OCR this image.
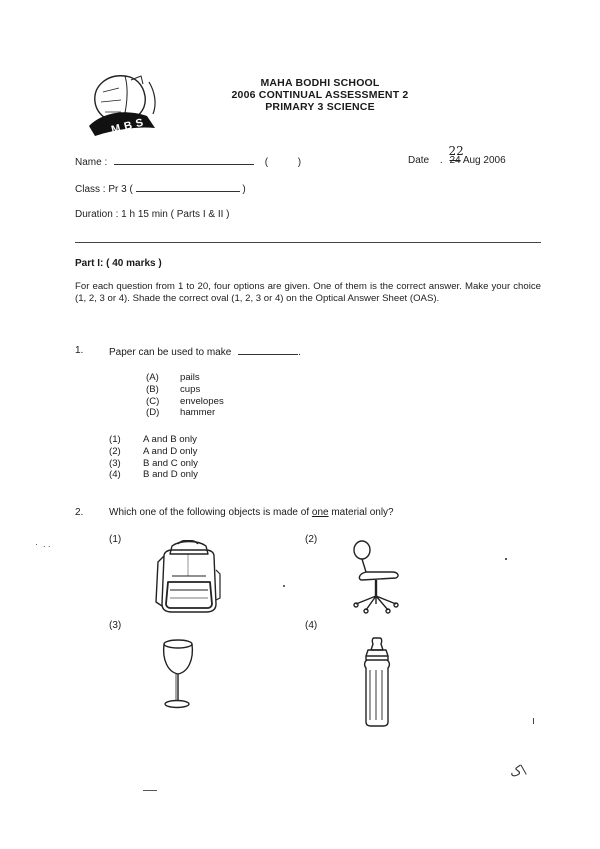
MBS
MAHA BODHI SCHOOL
2006 CONTINUAL ASSESSMENT 2
PRIMARY 3 SCIENCE
Name :	(	)	Date . 24
22
Aug 2006
Class : Pr 3 (	)
Duration : 1 h 15 min ( Parts I & II )
Part I: ( 40 marks )
For each question from 1 to 20, four options are given. One of them is the correct answer. Make your choice (1, 2, 3 or 4). Shade the correct oval (1, 2, 3 or 4) on the Optical Answer Sheet (OAS).
1.	Paper can be used to make	.
(A) pails
(B) cups
(C) envelopes
(D) hammer
(1) A and B only
(2) A and D only
(3) B and C only
(4) B and D only
2.	Which one of the following objects is made of one material only?
(1)	(2)
(3)	(4)
·  . .
ک\
